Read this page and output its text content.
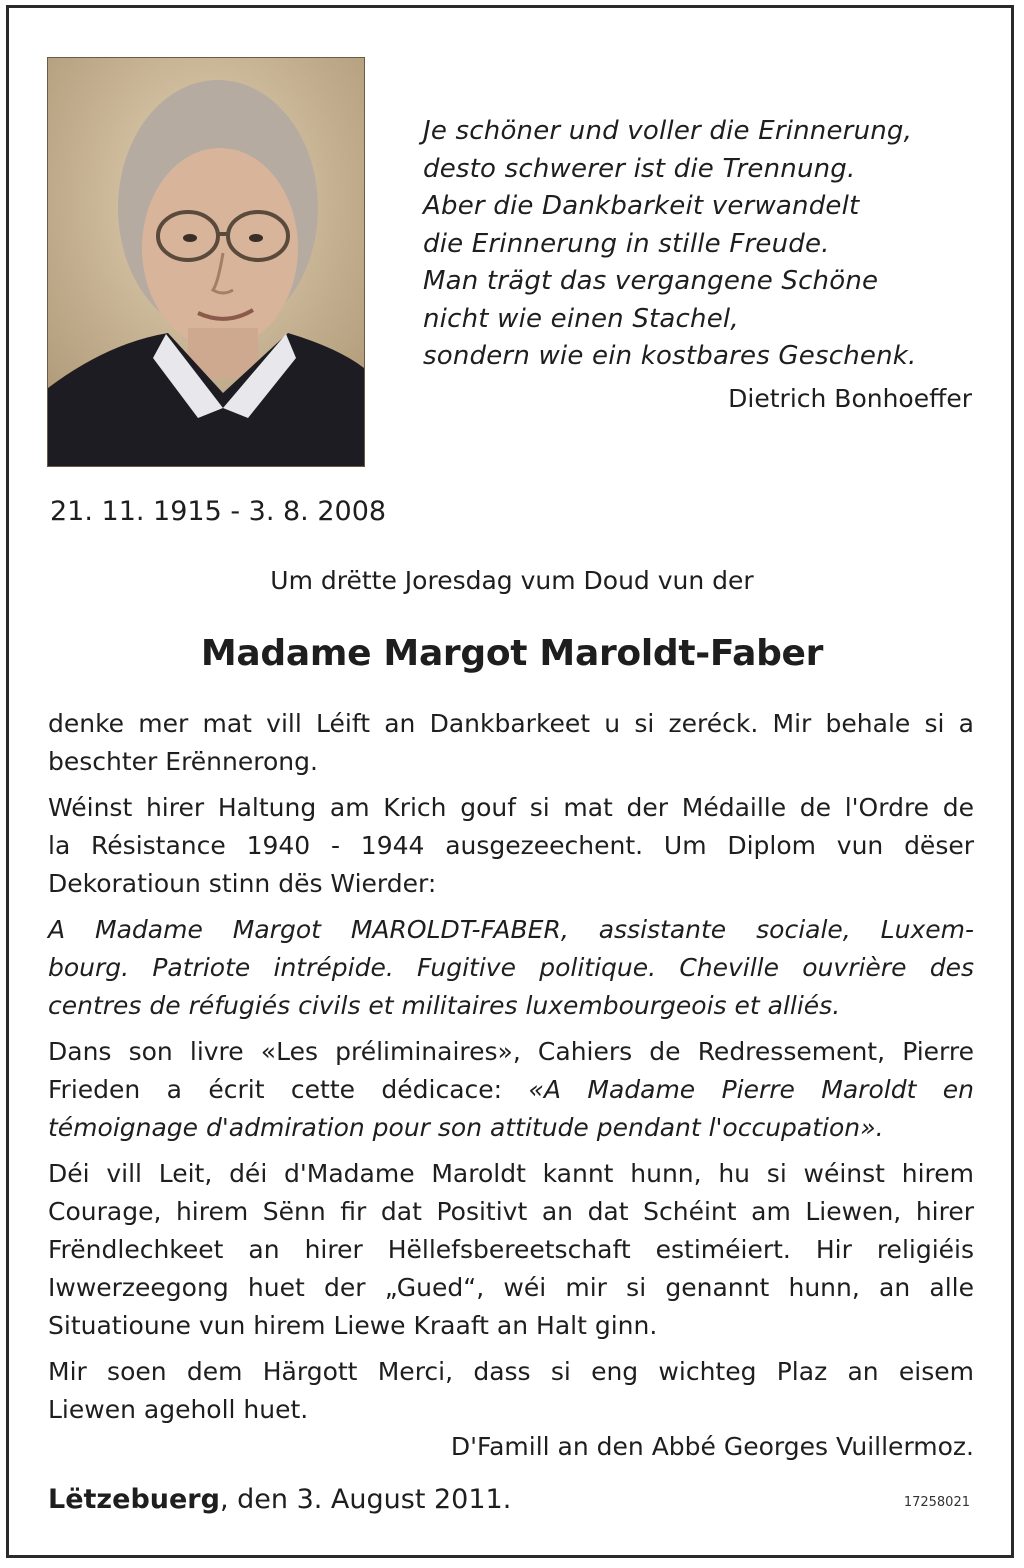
Je schöner und voller die Erinnerung,
desto schwerer ist die Trennung.
Aber die Dankbarkeit verwandelt
die Erinnerung in stille Freude.
Man trägt das vergangene Schöne
nicht wie einen Stachel,
sondern wie ein kostbares Geschenk.
Dietrich Bonhoeffer
21. 11. 1915 - 3. 8. 2008
Um drëtte Joresdag vum Doud vun der
Madame Margot Maroldt-Faber
denke mer mat vill Léift an Dankbarkeet u si zeréck. Mir behale si a
beschter Erënnerong.
Wéinst hirer Haltung am Krich gouf si mat der Médaille de l'Ordre de
la Résistance 1940 - 1944 ausgezeechent. Um Diplom vun dëser
Dekoratioun stinn dës Wierder:
A Madame Margot MAROLDT-FABER, assistante sociale, Luxem-
bourg. Patriote intrépide. Fugitive politique. Cheville ouvrière des
centres de réfugiés civils et militaires luxembourgeois et alliés.
Dans son livre «Les préliminaires», Cahiers de Redressement, Pierre
Frieden a écrit cette dédicace: «A Madame Pierre Maroldt en
témoignage d'admiration pour son attitude pendant l'occupation».
Déi vill Leit, déi d'Madame Maroldt kannt hunn, hu si wéinst hirem
Courage, hirem Sënn fir dat Positivt an dat Schéint am Liewen, hirer
Frëndlechkeet an hirer Hëllefsbereetschaft estiméiert. Hir religiéis
Iwwerzeegong huet der „Gued“, wéi mir si genannt hunn, an alle
Situatioune vun hirem Liewe Kraaft an Halt ginn.
Mir soen dem Härgott Merci, dass si eng wichteg Plaz an eisem
Liewen ageholl huet.
D'Famill an den Abbé Georges Vuillermoz.
Lëtzebuerg, den 3. August 2011.	17258021
